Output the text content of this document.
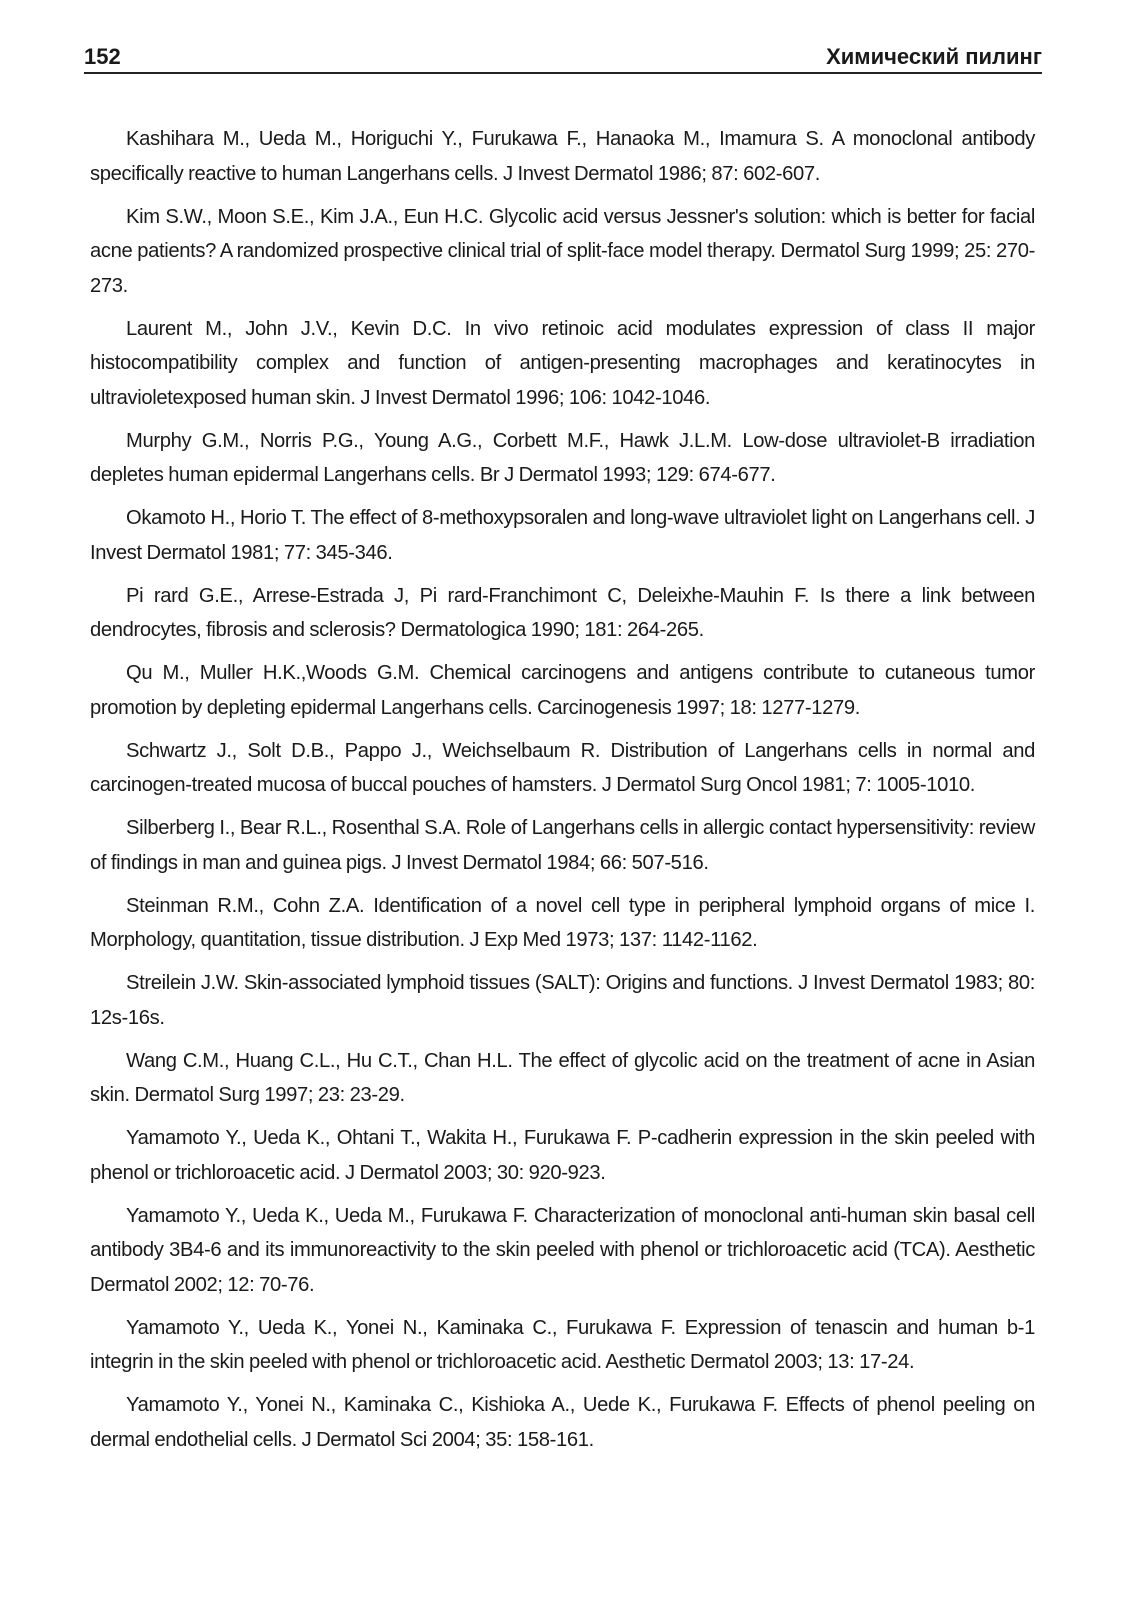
152	Химический пилинг

Kashihara M., Ueda M., Horiguchi Y., Furukawa F., Hanaoka M., Imamura S. A monoclonal antibody specifically reactive to human Langerhans cells. J Invest Dermatol 1986; 87: 602-607.

Kim S.W., Moon S.E., Kim J.A., Eun H.C. Glycolic acid versus Jessner's solution: which is better for facial acne patients? A randomized prospective clinical trial of split-face model therapy. Dermatol Surg 1999; 25: 270-273.

Laurent M., John J.V., Kevin D.C. In vivo retinoic acid modulates expression of class II major histocompatibility complex and function of antigen-presenting macrophages and keratinocytes in ultravioletexposed human skin. J Invest Dermatol 1996; 106: 1042-1046.

Murphy G.M., Norris P.G., Young A.G., Corbett M.F., Hawk J.L.M. Low-dose ultraviolet-B irradiation depletes human epidermal Langerhans cells. Br J Dermatol 1993; 129: 674-677.

Okamoto H., Horio T. The effect of 8-methoxypsoralen and long-wave ultraviolet light on Langerhans cell. J Invest Dermatol 1981; 77: 345-346.

Pi rard G.E., Arrese-Estrada J, Pi rard-Franchimont C, Deleixhe-Mauhin F. Is there a link between dendrocytes, fibrosis and sclerosis? Dermatologica 1990; 181: 264-265.

Qu M., Muller H.K.,Woods G.M. Chemical carcinogens and antigens contribute to cutaneous tumor promotion by depleting epidermal Langerhans cells. Carcinogenesis 1997; 18: 1277-1279.

Schwartz J., Solt D.B., Pappo J., Weichselbaum R. Distribution of Langerhans cells in normal and carcinogen-treated mucosa of buccal pouches of hamsters. J Dermatol Surg Oncol 1981; 7: 1005-1010.

Silberberg I., Bear R.L., Rosenthal S.A. Role of Langerhans cells in allergic contact hypersensitivity: review of findings in man and guinea pigs. J Invest Dermatol 1984; 66: 507-516.

Steinman R.M., Cohn Z.A. Identification of a novel cell type in peripheral lymphoid organs of mice I. Morphology, quantitation, tissue distribution. J Exp Med 1973; 137: 1142-1162.

Streilein J.W. Skin-associated lymphoid tissues (SALT): Origins and functions. J Invest Dermatol 1983; 80: 12s-16s.

Wang C.M., Huang C.L., Hu C.T., Chan H.L. The effect of glycolic acid on the treatment of acne in Asian skin. Dermatol Surg 1997; 23: 23-29.

Yamamoto Y., Ueda K., Ohtani T., Wakita H., Furukawa F. P-cadherin expression in the skin peeled with phenol or trichloroacetic acid. J Dermatol 2003; 30: 920-923.

Yamamoto Y., Ueda K., Ueda M., Furukawa F. Characterization of monoclonal anti-human skin basal cell antibody 3B4-6 and its immunoreactivity to the skin peeled with phenol or trichloroacetic acid (TCA). Aesthetic Dermatol 2002; 12: 70-76.

Yamamoto Y., Ueda K., Yonei N., Kaminaka C., Furukawa F. Expression of tenascin and human b-1 integrin in the skin peeled with phenol or trichloroacetic acid. Aesthetic Dermatol 2003; 13: 17-24.

Yamamoto Y., Yonei N., Kaminaka C., Kishioka A., Uede K., Furukawa F. Effects of phenol peeling on dermal endothelial cells. J Dermatol Sci 2004; 35: 158-161.
